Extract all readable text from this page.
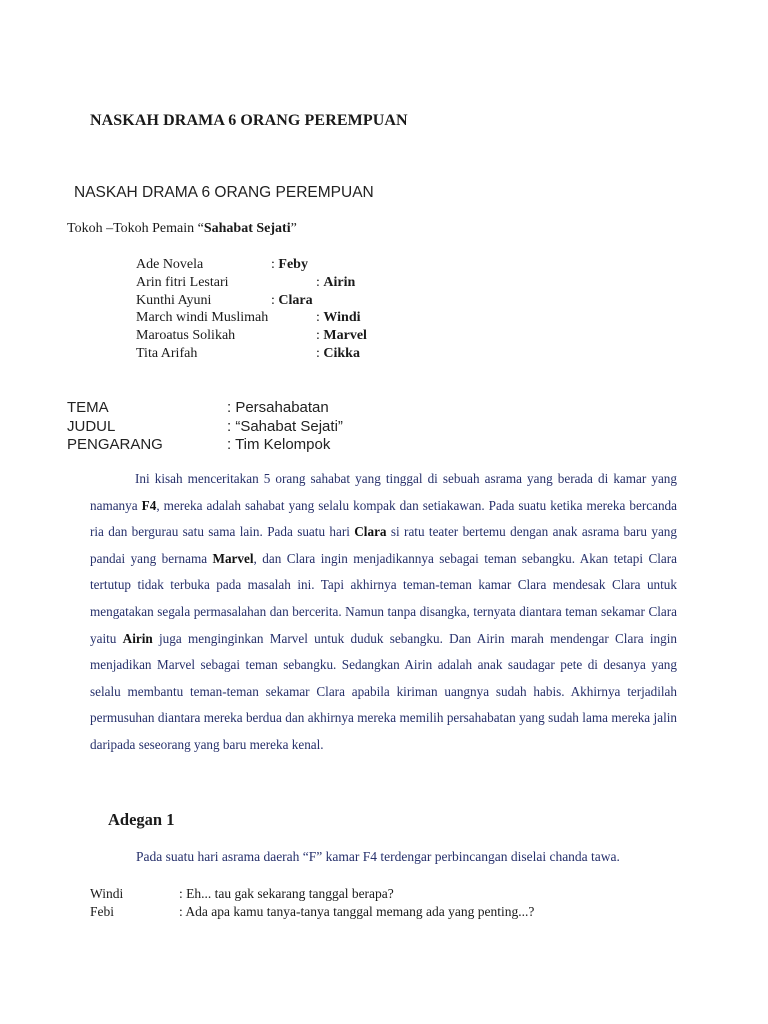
NASKAH DRAMA 6 ORANG PEREMPUAN
NASKAH DRAMA 6 ORANG PEREMPUAN
Tokoh –Tokoh Pemain “Sahabat Sejati”
Ade Novela	: Feby
Arin fitri Lestari	: Airin
Kunthi Ayuni	: Clara
March windi Muslimah	: Windi
Maroatus Solikah	: Marvel
Tita Arifah	: Cikka
TEMA	: Persahabatan
JUDUL	: “Sahabat Sejati”
PENGARANG	: Tim Kelompok
Ini kisah menceritakan 5 orang sahabat yang tinggal di sebuah asrama yang berada di kamar yang namanya F4, mereka adalah sahabat yang selalu kompak dan setiakawan. Pada suatu ketika mereka bercanda ria dan bergurau satu sama lain. Pada suatu hari Clara si ratu teater bertemu dengan anak asrama baru yang pandai yang bernama Marvel, dan Clara ingin menjadikannya sebagai teman sebangku. Akan tetapi Clara tertutup tidak terbuka pada masalah ini. Tapi akhirnya teman-teman kamar Clara mendesak Clara untuk mengatakan segala permasalahan dan bercerita. Namun tanpa disangka, ternyata diantara teman sekamar Clara yaitu Airin juga menginginkan Marvel untuk duduk sebangku. Dan Airin marah mendengar Clara ingin menjadikan Marvel sebagai teman sebangku. Sedangkan Airin adalah anak saudagar pete di desanya yang selalu membantu teman-teman sekamar Clara apabila kiriman uangnya sudah habis. Akhirnya terjadilah permusuhan diantara mereka berdua dan akhirnya mereka memilih persahabatan yang sudah lama mereka jalin daripada seseorang yang baru mereka kenal.
Adegan 1
Pada suatu hari asrama daerah “F” kamar F4 terdengar perbincangan diselai chanda tawa.
Windi	: Eh... tau gak sekarang tanggal berapa?
Febi	: Ada apa kamu tanya-tanya tanggal memang ada yang penting...?
